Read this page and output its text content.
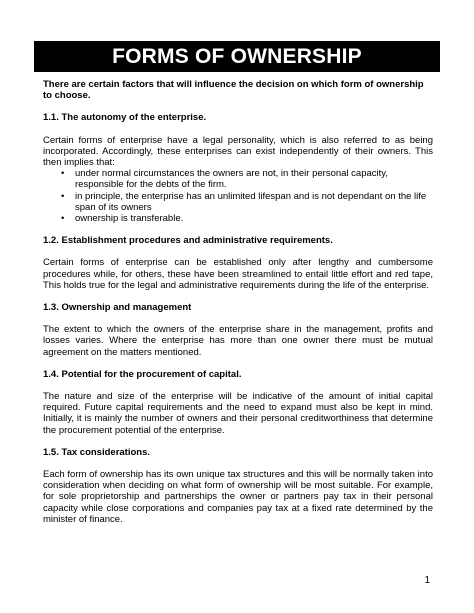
FORMS OF OWNERSHIP

There are certain factors that will influence the decision on which form of ownership to choose.

1.1. The autonomy of the enterprise.

Certain forms of enterprise have a legal personality, which is also referred to as being incorporated. Accordingly, these enterprises can exist independently of their owners. This then implies that:

• under normal circumstances the owners are not, in their personal capacity, responsible for the debts of the firm.
• in principle, the enterprise has an unlimited lifespan and is not dependant on the life span of its owners
• ownership is transferable.

1.2. Establishment procedures and administrative requirements.

Certain forms of enterprise can be established only after lengthy and cumbersome procedures while, for others, these have been streamlined to entail little effort and red tape, This holds true for the legal and administrative requirements during the life of the enterprise.

1.3. Ownership and management

The extent to which the owners of the enterprise share in the management, profits and losses varies. Where the enterprise has more than one owner there must be mutual agreement on the matters mentioned.

1.4. Potential for the procurement of capital.

The nature and size of the enterprise will be indicative of the amount of initial capital required. Future capital requirements and the need to expand must also be kept in mind. Initially, it is mainly the number of owners and their personal creditworthiness that determine the procurement potential of the enterprise.

1.5. Tax considerations.

Each form of ownership has its own unique tax structures and this will be normally taken into consideration when deciding on what form of ownership will be most suitable. For example, for sole proprietorship and partnerships the owner or partners pay tax in their personal capacity while close corporations and companies pay tax at a fixed rate determined by the minister of finance.

1
